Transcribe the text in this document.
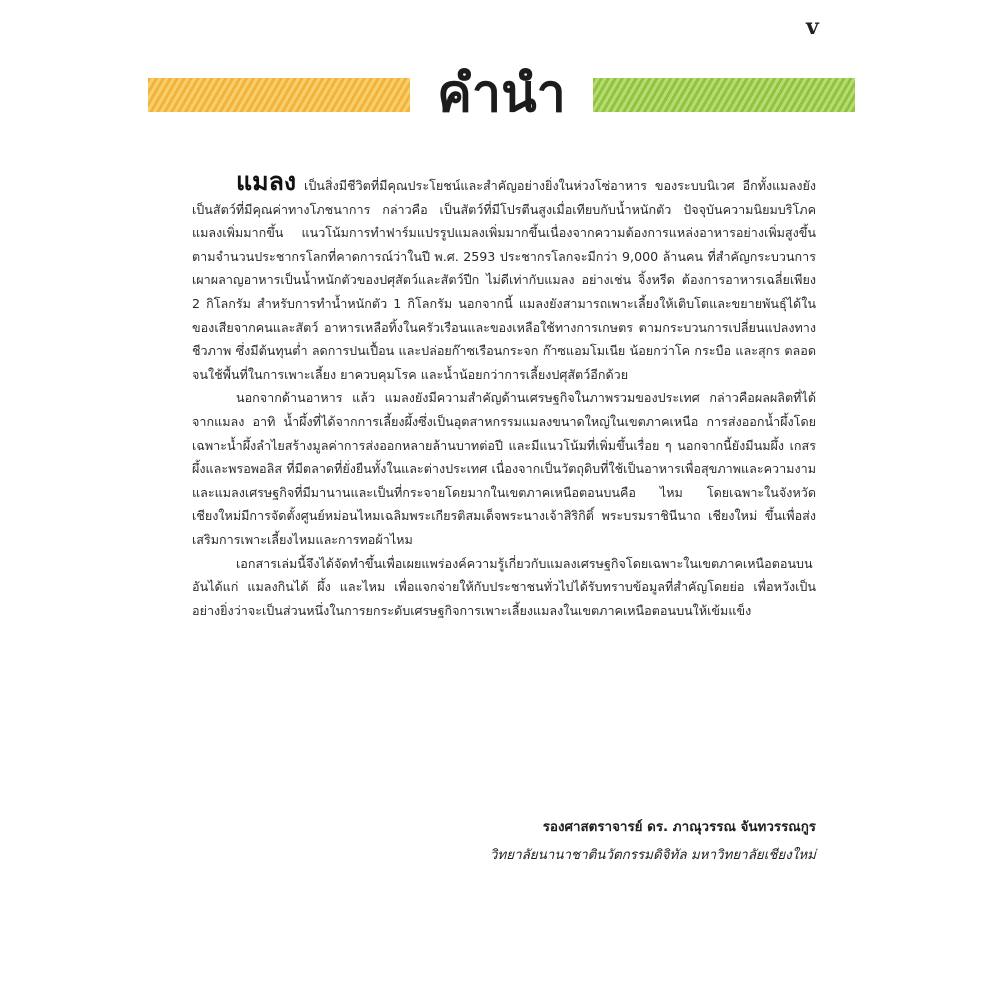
v
คำนำ

แมลง เป็นสิ่งมีชีวิตที่มีคุณประโยชน์และสำคัญอย่างยิ่งในห่วงโซ่อาหาร ของระบบนิเวศ อีกทั้งแมลงยังเป็นสัตว์ที่มีคุณค่าทางโภชนาการ กล่าวคือ เป็นสัตว์ที่มีโปรตีนสูงเมื่อเทียบกับน้ำหนักตัว ปัจจุบันความนิยมบริโภคแมลงเพิ่มมากขึ้น แนวโน้มการทำฟาร์มแปรรูปแมลงเพิ่มมากขึ้นเนื่องจากความต้องการแหล่งอาหารอย่างเพิ่มสูงขึ้น ตามจำนวนประชากรโลกที่คาดการณ์ว่าในปี พ.ศ. 2593 ประชากรโลกจะมีกว่า 9,000 ล้านคน ที่สำคัญกระบวนการเผาผลาญอาหารเป็นน้ำหนักตัวของปศุสัตว์และสัตว์ปีก ไม่ดีเท่ากับแมลง อย่างเช่น จิ้งหรีด ต้องการอาหารเฉลี่ยเพียง 2 กิโลกรัม สำหรับการทำน้ำหนักตัว 1 กิโลกรัม นอกจากนี้ แมลงยังสามารถเพาะเลี้ยงให้เติบโตและขยายพันธุ์ได้ในของเสียจากคนและสัตว์ อาหารเหลือทิ้งในครัวเรือนและของเหลือใช้ทางการเกษตร ตามกระบวนการเปลี่ยนแปลงทางชีวภาพ ซึ่งมีต้นทุนต่ำ ลดการปนเปื้อน และปล่อยก๊าซเรือนกระจก ก๊าซแอมโมเนีย น้อยกว่าโค กระบือ และสุกร ตลอดจนใช้พื้นที่ในการเพาะเลี้ยง ยาควบคุมโรค และน้ำน้อยกว่าการเลี้ยงปศุสัตว์อีกด้วย

นอกจากด้านอาหาร แล้ว แมลงยังมีความสำคัญด้านเศรษฐกิจในภาพรวมของประเทศ กล่าวคือผลผลิตที่ได้จากแมลง อาทิ น้ำผึ้งที่ได้จากการเลี้ยงผึ้งซึ่งเป็นอุตสาหกรรมแมลงขนาดใหญ่ในเขตภาคเหนือ การส่งออกน้ำผึ้งโดยเฉพาะน้ำผึ้งลำไยสร้างมูลค่าการส่งออกหลายล้านบาทต่อปี และมีแนวโน้มที่เพิ่มขึ้นเรื่อย ๆ นอกจากนี้ยังมีนมผึ้ง เกสรผึ้งและพรอพอลิส ที่มีตลาดที่ยั่งยืนทั้งในและต่างประเทศ เนื่องจากเป็นวัตถุดิบที่ใช้เป็นอาหารเพื่อสุขภาพและความงาม และแมลงเศรษฐกิจที่มีมานานและเป็นที่กระจายโดยมากในเขตภาคเหนือตอนบนคือ ไหม โดยเฉพาะในจังหวัดเชียงใหม่มีการจัดตั้งศูนย์หม่อนไหมเฉลิมพระเกียรติสมเด็จพระนางเจ้าสิริกิติ์ พระบรมราชินีนาถ เชียงใหม่ ขึ้นเพื่อส่งเสริมการเพาะเลี้ยงไหมและการทอผ้าไหม

เอกสารเล่มนี้จึงได้จัดทำขึ้นเพื่อเผยแพร่องค์ความรู้เกี่ยวกับแมลงเศรษฐกิจโดยเฉพาะในเขตภาคเหนือตอนบน อันได้แก่ แมลงกินได้ ผึ้ง และไหม เพื่อแจกจ่ายให้กับประชาชนทั่วไปได้รับทราบข้อมูลที่สำคัญโดยย่อ เพื่อหวังเป็นอย่างยิ่งว่าจะเป็นส่วนหนึ่งในการยกระดับเศรษฐกิจการเพาะเลี้ยงแมลงในเขตภาคเหนือตอนบนให้เข้มแข็ง

รองศาสตราจารย์ ดร. ภาณุวรรณ จันทวรรณกูร
วิทยาลัยนานาชาตินวัตกรรมดิจิทัล มหาวิทยาลัยเชียงใหม่
